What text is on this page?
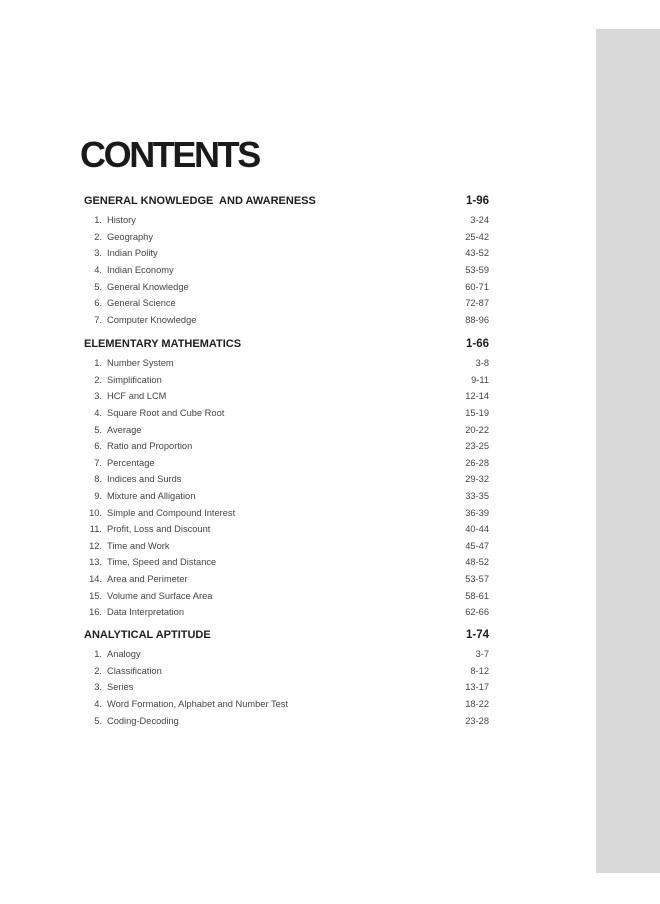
CONTENTS
GENERAL KNOWLEDGE  AND AWARENESS	1-96
1. History	3-24
2. Geography	25-42
3. Indian Polity	43-52
4. Indian Economy	53-59
5. General Knowledge	60-71
6. General Science	72-87
7. Computer Knowledge	88-96
ELEMENTARY MATHEMATICS	1-66
1. Number System	3-8
2. Simplification	9-11
3. HCF and LCM	12-14
4. Square Root and Cube Root	15-19
5. Average	20-22
6. Ratio and Proportion	23-25
7. Percentage	26-28
8. Indices and Surds	29-32
9. Mixture and Alligation	33-35
10. Simple and Compound Interest	36-39
11. Profit, Loss and Discount	40-44
12. Time and Work	45-47
13. Time, Speed and Distance	48-52
14. Area and Perimeter	53-57
15. Volume and Surface Area	58-61
16. Data Interpretation	62-66
ANALYTICAL APTITUDE	1-74
1. Analogy	3-7
2. Classification	8-12
3. Series	13-17
4. Word Formation, Alphabet and Number Test	18-22
5. Coding-Decoding	23-28
